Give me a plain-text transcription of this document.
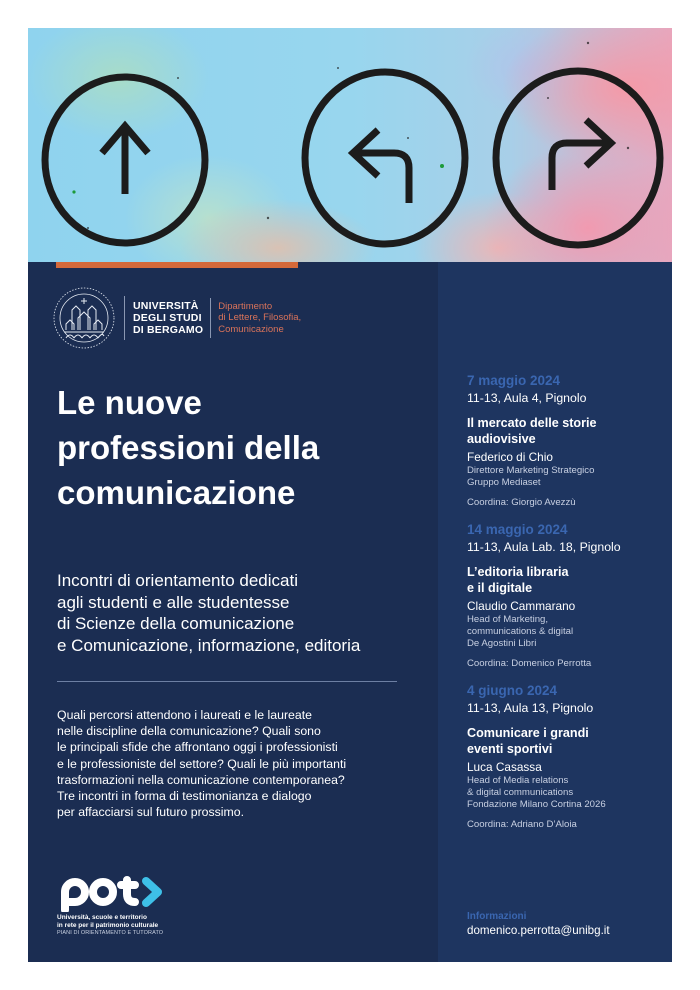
UNIVERSITÀ
DEGLI STUDI
DI BERGAMO
Dipartimento
di Lettere, Filosofia,
Comunicazione
Le nuove
professioni della
comunicazione
Incontri di orientamento dedicati
agli studenti e alle studentesse
di Scienze della comunicazione
e Comunicazione, informazione, editoria
Quali percorsi attendono i laureati e le laureate
nelle discipline della comunicazione? Quali sono
le principali sfide che affrontano oggi i professionisti
e le professioniste del settore? Quali le più importanti
trasformazioni nella comunicazione contemporanea?
Tre incontri in forma di testimonianza e dialogo
per affacciarsi sul futuro prossimo.
Università, scuole e territorio
in rete per il patrimonio culturale
PIANI DI ORIENTAMENTO E TUTORATO
7 maggio 2024
11-13, Aula 4, Pignolo
Il mercato delle storie
audiovisive
Federico di Chio
Direttore Marketing Strategico
Gruppo Mediaset
Coordina: Giorgio Avezzù
14 maggio 2024
11-13, Aula Lab. 18, Pignolo
L’editoria libraria
e il digitale
Claudio Cammarano
Head of Marketing,
communications & digital
De Agostini Libri
Coordina: Domenico Perrotta
4 giugno 2024
11-13, Aula 13, Pignolo
Comunicare i grandi
eventi sportivi
Luca Casassa
Head of Media relations
& digital communications
Fondazione Milano Cortina 2026
Coordina: Adriano D’Aloia
Informazioni
domenico.perrotta@unibg.it
